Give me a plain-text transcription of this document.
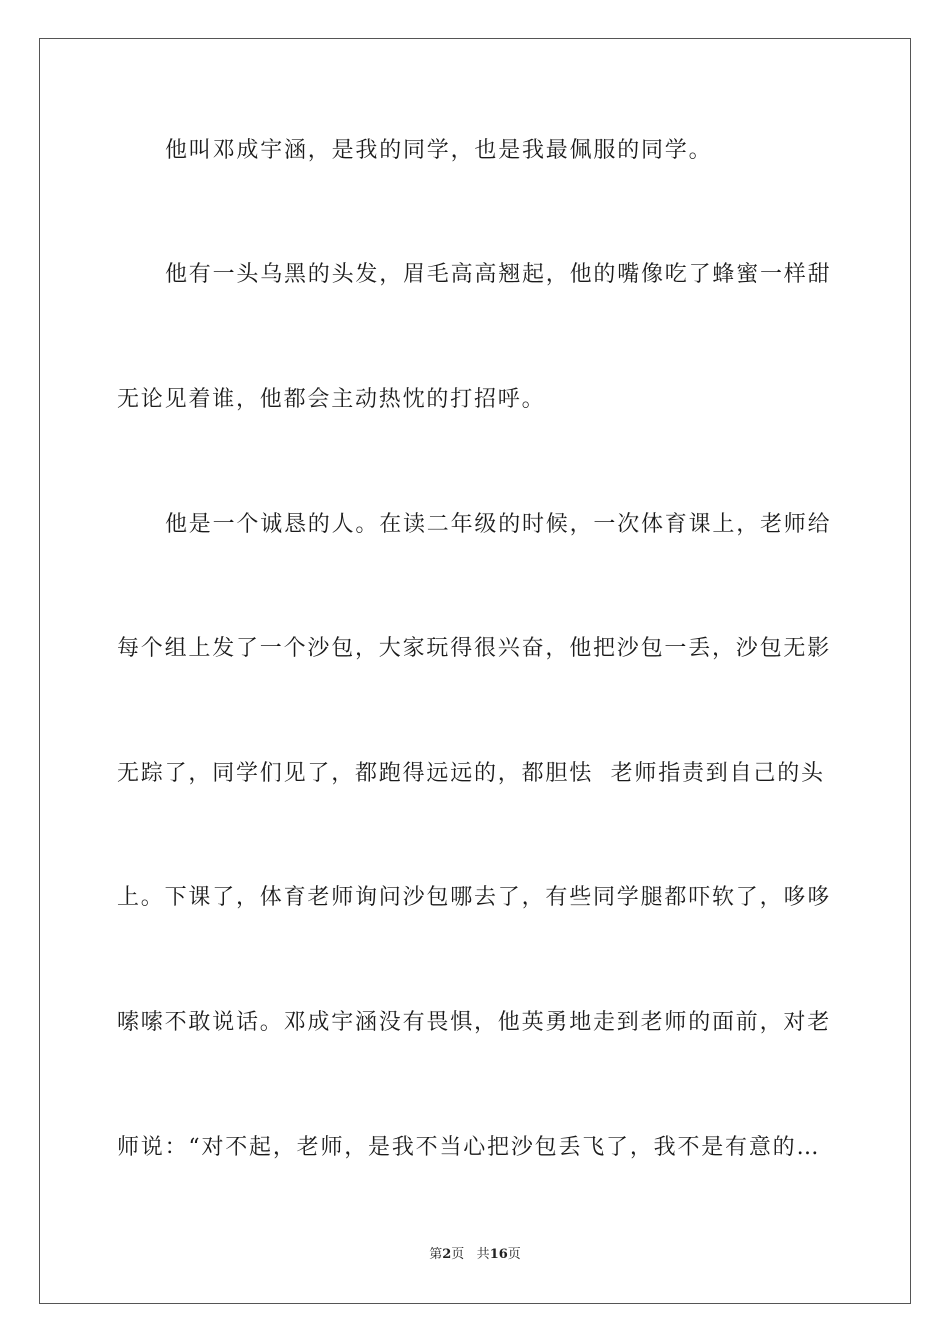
他叫邓成宇涵，是我的同学，也是我最佩服的同学。
他有一头乌黑的头发，眉毛高高翘起，他的嘴像吃了蜂蜜一样甜
无论见着谁，他都会主动热忱的打招呼。
他是一个诚恳的人。在读二年级的时候，一次体育课上，老师给
每个组上发了一个沙包，大家玩得很兴奋，他把沙包一丢，沙包无影
无踪了，同学们见了，都跑得远远的，都胆怯  老师指责到自己的头
上。下课了，体育老师询问沙包哪去了，有些同学腿都吓软了，哆哆
嗦嗦不敢说话。邓成宇涵没有畏惧，他英勇地走到老师的面前，对老
师说：“对不起，老师，是我不当心把沙包丢飞了，我不是有意的…
第2页 共16页
